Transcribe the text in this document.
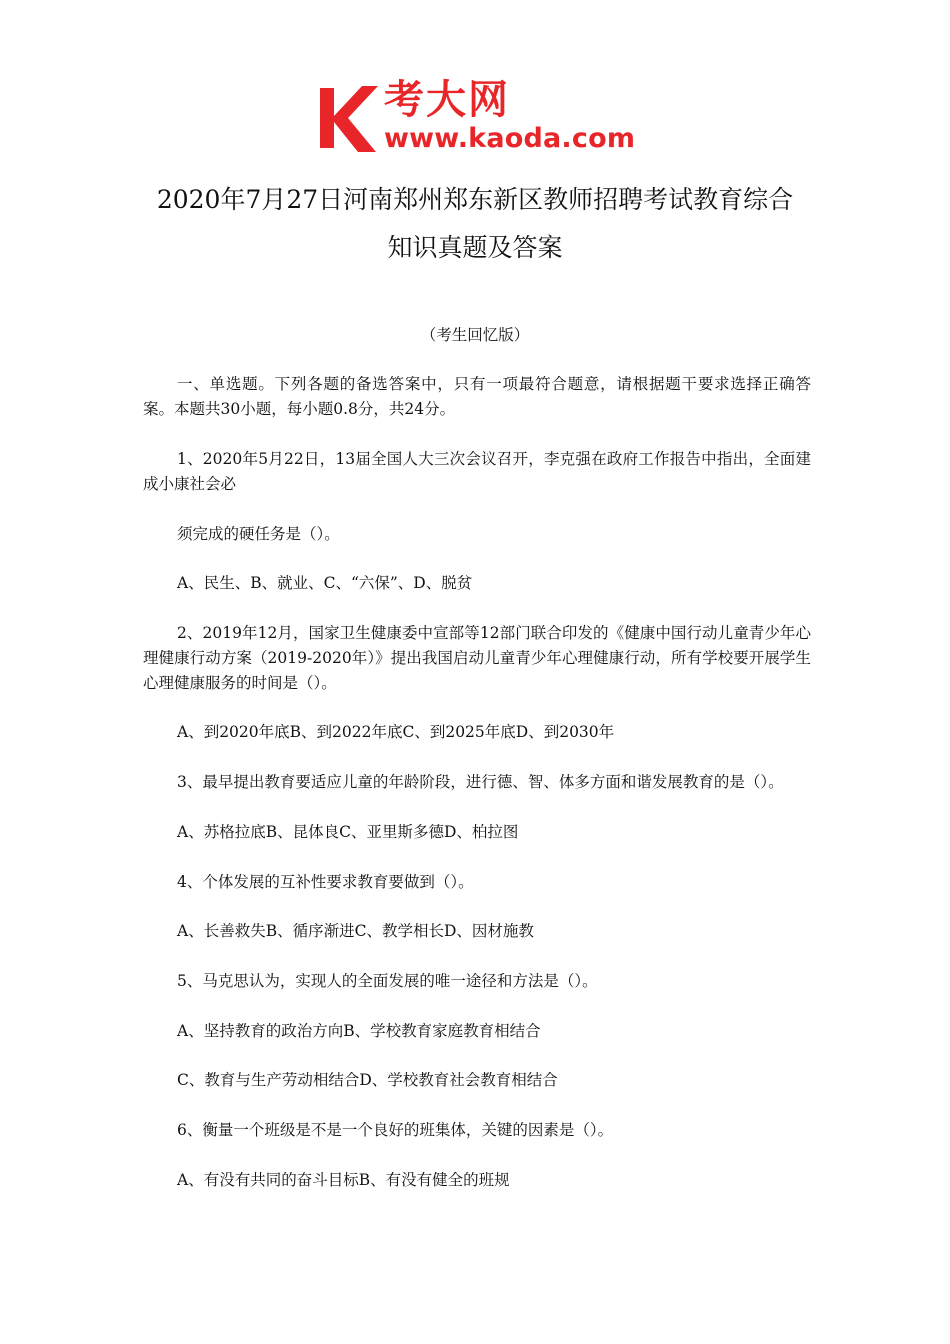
考大网
www.kaoda.com
2020年7月27日河南郑州郑东新区教师招聘考试教育综合
知识真题及答案
（考生回忆版）
一、单选题。下列各题的备选答案中，只有一项最符合题意，请根据题干要求选择正确答案。本题共30小题，每小题0.8分，共24分。
1、2020年5月22日，13届全国人大三次会议召开，李克强在政府工作报告中指出，全面建成小康社会必
须完成的硬任务是（）。
A、民生、B、就业、C、“六保”、D、脱贫
2、2019年12月，国家卫生健康委中宣部等12部门联合印发的《健康中国行动儿童青少年心理健康行动方案（2019-2020年）》提出我国启动儿童青少年心理健康行动，所有学校要开展学生心理健康服务的时间是（）。
A、到2020年底B、到2022年底C、到2025年底D、到2030年
3、最早提出教育要适应儿童的年龄阶段，进行德、智、体多方面和谐发展教育的是（）。
A、苏格拉底B、昆体良C、亚里斯多德D、柏拉图
4、个体发展的互补性要求教育要做到（）。
A、长善救失B、循序渐进C、教学相长D、因材施教
5、马克思认为，实现人的全面发展的唯一途径和方法是（）。
A、坚持教育的政治方向B、学校教育家庭教育相结合
C、教育与生产劳动相结合D、学校教育社会教育相结合
6、衡量一个班级是不是一个良好的班集体，关键的因素是（）。
A、有没有共同的奋斗目标B、有没有健全的班规
